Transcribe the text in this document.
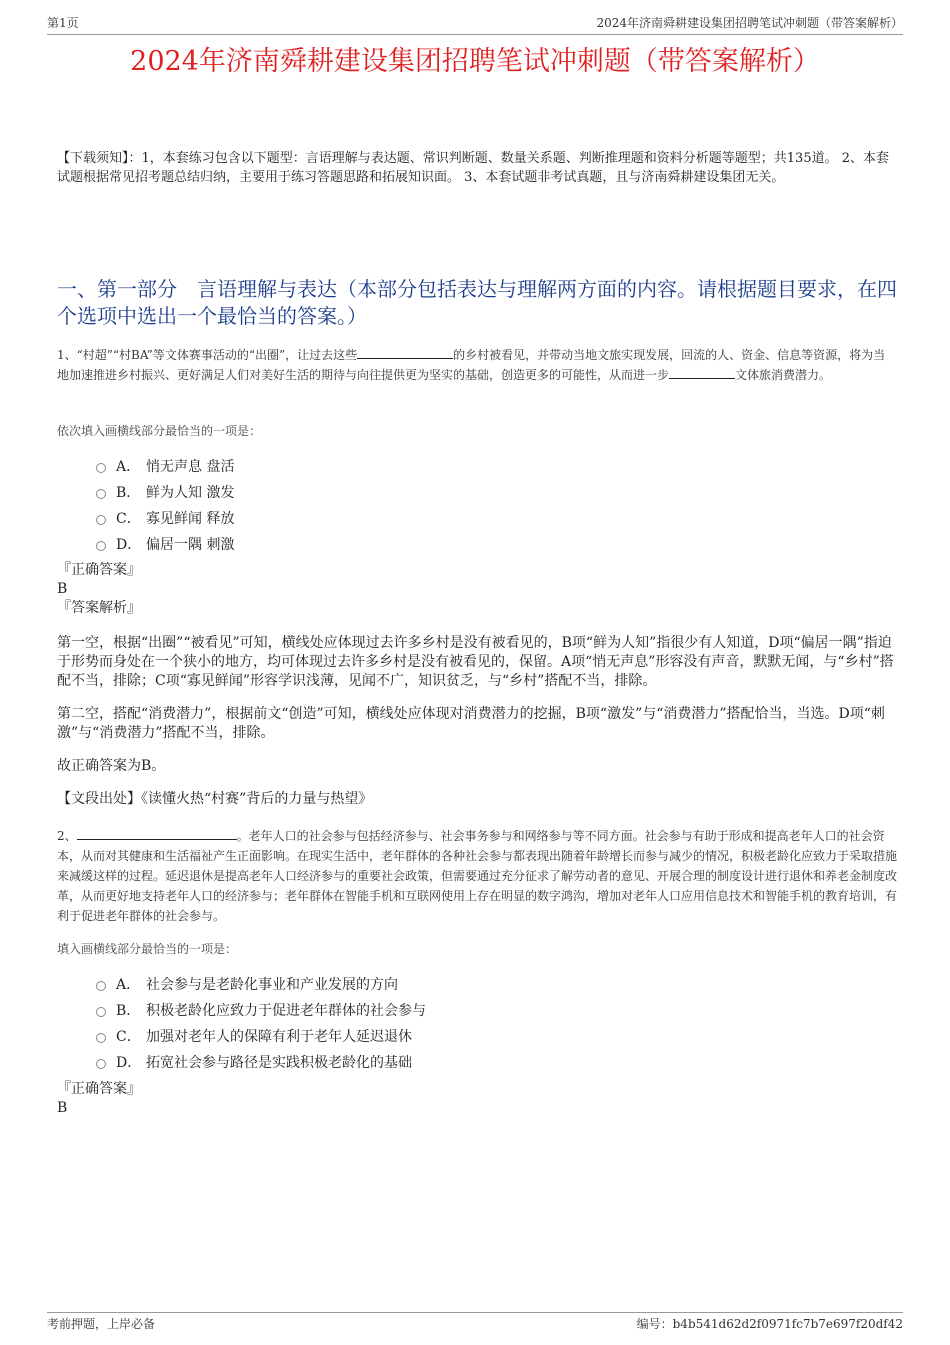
第1页	2024年济南舜耕建设集团招聘笔试冲刺题（带答案解析）
2024年济南舜耕建设集团招聘笔试冲刺题（带答案解析）
【下载须知】：1，本套练习包含以下题型：言语理解与表达题、常识判断题、数量关系题、判断推理题和资料分析题等题型；共135道。 2、本套试题根据常见招考题总结归纳，主要用于练习答题思路和拓展知识面。 3、本套试题非考试真题，且与济南舜耕建设集团无关。
一、第一部分　言语理解与表达（本部分包括表达与理解两方面的内容。请根据题目要求，在四个选项中选出一个最恰当的答案。）
1、“村超”“村BA”等文体赛事活动的“出圈”，让过去这些	的乡村被看见，并带动当地文旅实现发展，回流的人、资金、信息等资源，将为当地加速推进乡村振兴、更好满足人们对美好生活的期待与向往提供更为坚实的基础，创造更多的可能性，从而进一步	文体旅消费潜力。
依次填入画横线部分最恰当的一项是：
A． 悄无声息 盘活
B． 鲜为人知 激发
C． 寡见鲜闻 释放
D． 偏居一隅 刺激

『正确答案』

B

『答案解析』

第一空，根据“出圈”“被看见”可知，横线处应体现过去许多乡村是没有被看见的，B项“鲜为人知”指很少有人知道，D项“偏居一隅”指迫于形势而身处在一个狭小的地方，均可体现过去许多乡村是没有被看见的，保留。A项“悄无声息”形容没有声音，默默无闻，与“乡村”搭配不当，排除；C项“寡见鲜闻”形容学识浅薄，见闻不广，知识贫乏，与“乡村”搭配不当，排除。

第二空，搭配“消费潜力”，根据前文“创造”可知，横线处应体现对消费潜力的挖掘，B项“激发”与“消费潜力”搭配恰当，当选。D项“刺激”与“消费潜力”搭配不当，排除。

故正确答案为B。

【文段出处】《读懂火热“村赛”背后的力量与热望》

2、	。老年人口的社会参与包括经济参与、社会事务参与和网络参与等不同方面。社会参与有助于形成和提高老年人口的社会资本，从而对其健康和生活福祉产生正面影响。在现实生活中，老年群体的各种社会参与都表现出随着年龄增长而参与减少的情况，积极老龄化应致力于采取措施来减缓这样的过程。延迟退休是提高老年人口经济参与的重要社会政策，但需要通过充分征求了解劳动者的意见、开展合理的制度设计进行退休和养老金制度改革，从而更好地支持老年人口的经济参与；老年群体在智能手机和互联网使用上存在明显的数字鸿沟，增加对老年人口应用信息技术和智能手机的教育培训，有利于促进老年群体的社会参与。
填入画横线部分最恰当的一项是：
A． 社会参与是老龄化事业和产业发展的方向
B． 积极老龄化应致力于促进老年群体的社会参与
C． 加强对老年人的保障有利于老年人延迟退休
D． 拓宽社会参与路径是实践积极老龄化的基础

『正确答案』

B

考前押题，上岸必备	编号：b4b541d62d2f0971fc7b7e697f20df42
